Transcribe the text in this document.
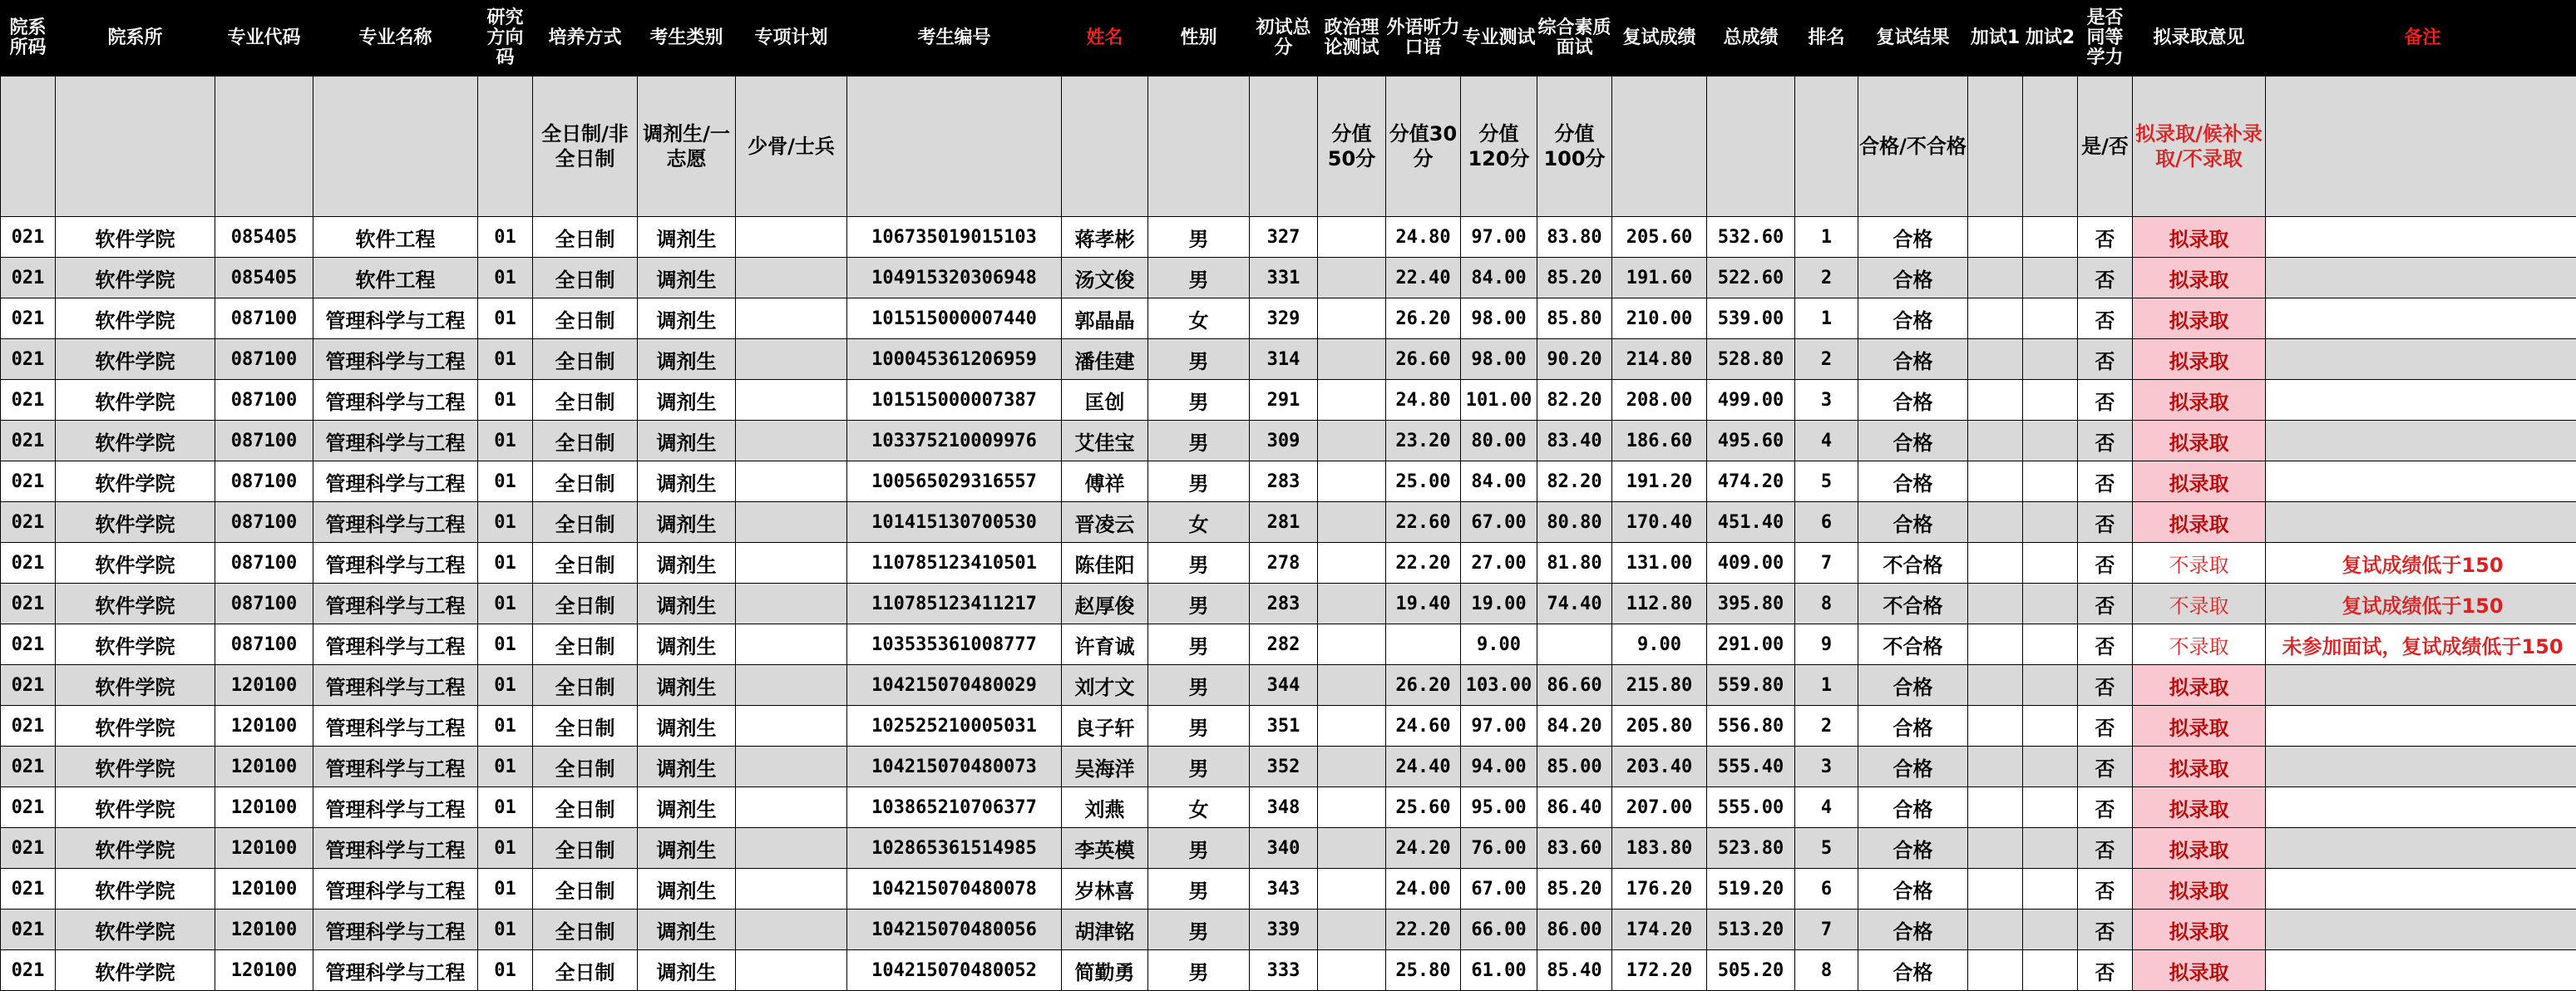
院系所码	院系所	专业代码	专业名称	研究方向码	培养方式	考生类别	专项计划	考生编号	姓名	性别	初试总分	政治理论测试	外语听力口语	专业测试	综合素质面试	复试成绩	总成绩	排名	复试结果	加试1	加试2	是否同等学力	拟录取意见	备注
					全日制/非全日制	调剂生/一志愿	少骨/士兵					分值50分	分值30分	分值120分	分值100分				合格/不合格			是/否	拟录取/候补录取/不录取	
021	软件学院	085405	软件工程	01	全日制	调剂生		106735019015103	蒋孝彬	男	327		24.80	97.00	83.80	205.60	532.60	1	合格			否	拟录取	
021	软件学院	085405	软件工程	01	全日制	调剂生		104915320306948	汤文俊	男	331		22.40	84.00	85.20	191.60	522.60	2	合格			否	拟录取	
021	软件学院	087100	管理科学与工程	01	全日制	调剂生		101515000007440	郭晶晶	女	329		26.20	98.00	85.80	210.00	539.00	1	合格			否	拟录取	
021	软件学院	087100	管理科学与工程	01	全日制	调剂生		100045361206959	潘佳建	男	314		26.60	98.00	90.20	214.80	528.80	2	合格			否	拟录取	
021	软件学院	087100	管理科学与工程	01	全日制	调剂生		101515000007387	匡创	男	291		24.80	101.00	82.20	208.00	499.00	3	合格			否	拟录取	
021	软件学院	087100	管理科学与工程	01	全日制	调剂生		103375210009976	艾佳宝	男	309		23.20	80.00	83.40	186.60	495.60	4	合格			否	拟录取	
021	软件学院	087100	管理科学与工程	01	全日制	调剂生		100565029316557	傅祥	男	283		25.00	84.00	82.20	191.20	474.20	5	合格			否	拟录取	
021	软件学院	087100	管理科学与工程	01	全日制	调剂生		101415130700530	晋凌云	女	281		22.60	67.00	80.80	170.40	451.40	6	合格			否	拟录取	
021	软件学院	087100	管理科学与工程	01	全日制	调剂生		110785123410501	陈佳阳	男	278		22.20	27.00	81.80	131.00	409.00	7	不合格			否	不录取	复试成绩低于150
021	软件学院	087100	管理科学与工程	01	全日制	调剂生		110785123411217	赵厚俊	男	283		19.40	19.00	74.40	112.80	395.80	8	不合格			否	不录取	复试成绩低于150
021	软件学院	087100	管理科学与工程	01	全日制	调剂生		103535361008777	许育诚	男	282			9.00		9.00	291.00	9	不合格			否	不录取	未参加面试，复试成绩低于150
021	软件学院	120100	管理科学与工程	01	全日制	调剂生		104215070480029	刘才文	男	344		26.20	103.00	86.60	215.80	559.80	1	合格			否	拟录取	
021	软件学院	120100	管理科学与工程	01	全日制	调剂生		102525210005031	良子轩	男	351		24.60	97.00	84.20	205.80	556.80	2	合格			否	拟录取	
021	软件学院	120100	管理科学与工程	01	全日制	调剂生		104215070480073	吴海洋	男	352		24.40	94.00	85.00	203.40	555.40	3	合格			否	拟录取	
021	软件学院	120100	管理科学与工程	01	全日制	调剂生		103865210706377	刘燕	女	348		25.60	95.00	86.40	207.00	555.00	4	合格			否	拟录取	
021	软件学院	120100	管理科学与工程	01	全日制	调剂生		102865361514985	李英模	男	340		24.20	76.00	83.60	183.80	523.80	5	合格			否	拟录取	
021	软件学院	120100	管理科学与工程	01	全日制	调剂生		104215070480078	岁林喜	男	343		24.00	67.00	85.20	176.20	519.20	6	合格			否	拟录取	
021	软件学院	120100	管理科学与工程	01	全日制	调剂生		104215070480056	胡津铭	男	339		22.20	66.00	86.00	174.20	513.20	7	合格			否	拟录取	
021	软件学院	120100	管理科学与工程	01	全日制	调剂生		104215070480052	简勤勇	男	333		25.80	61.00	85.40	172.20	505.20	8	合格			否	拟录取	
